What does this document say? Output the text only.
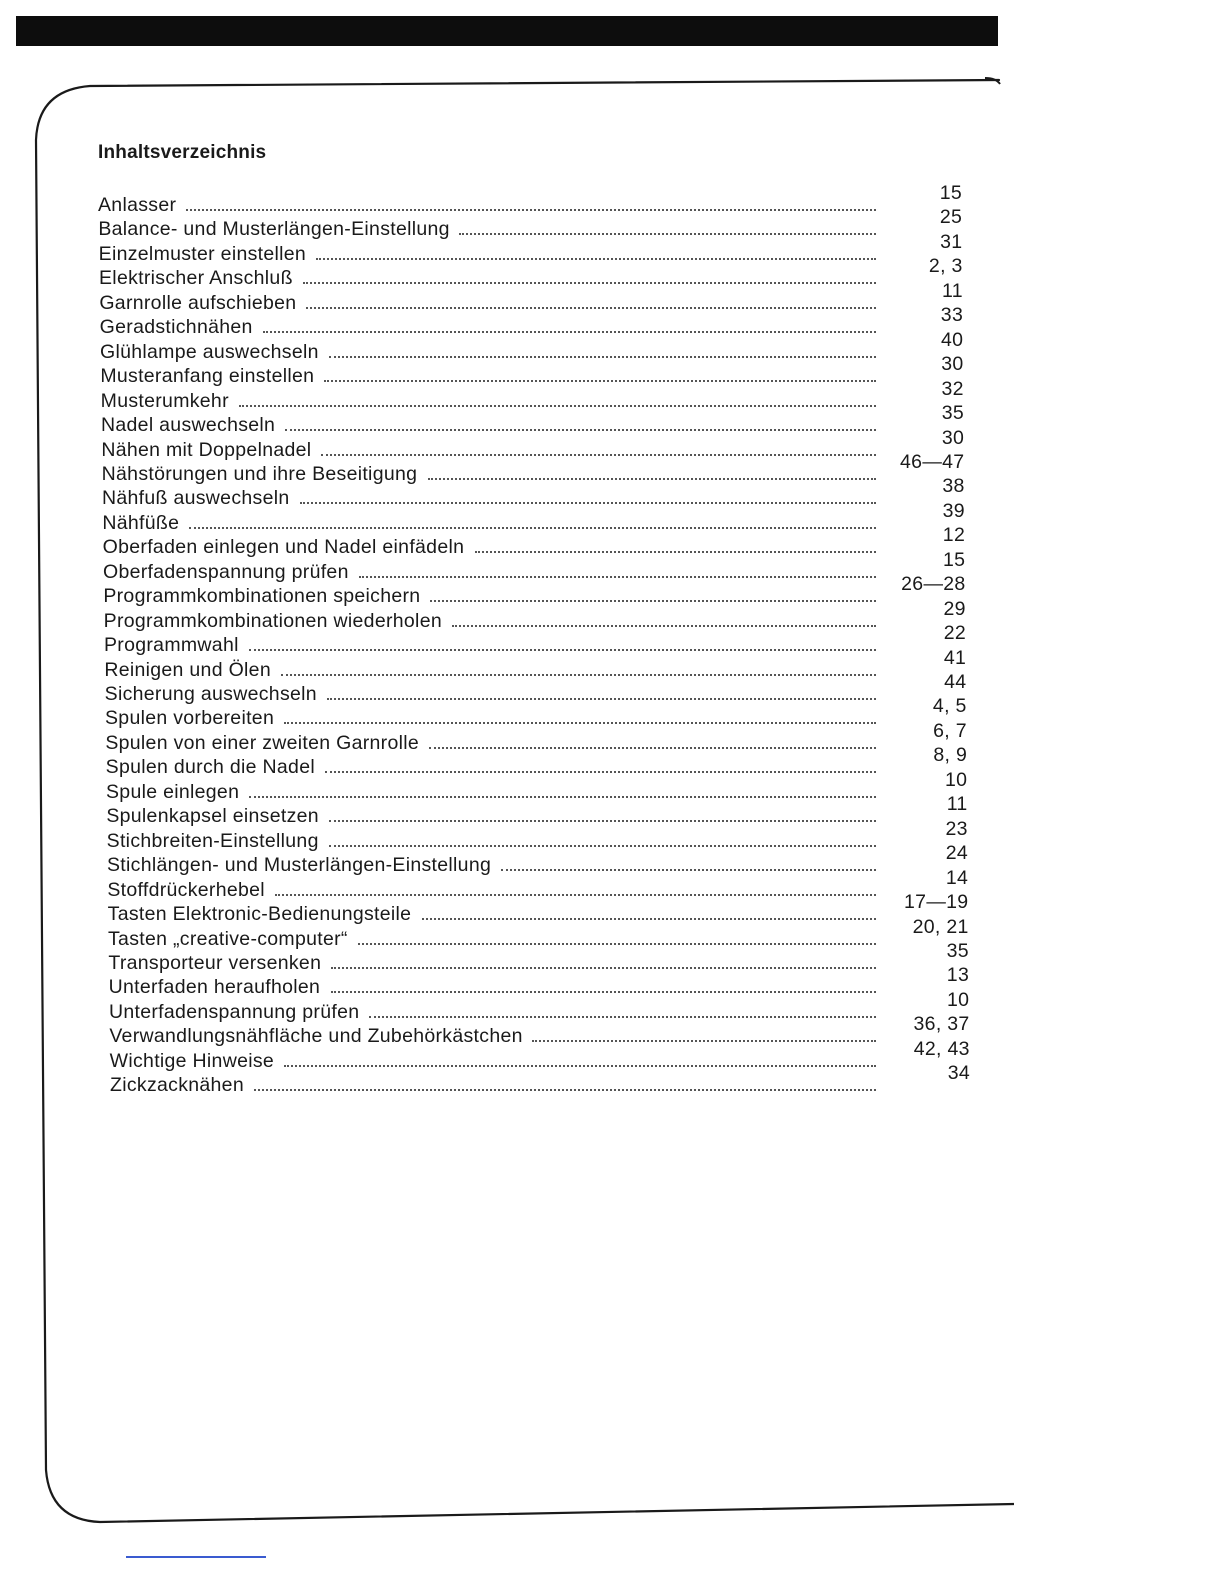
Inhaltsverzeichnis
Anlasser
15
Balance- und Musterlängen-Einstellung
25
Einzelmuster einstellen
31
Elektrischer Anschluß
2, 3
Garnrolle aufschieben
11
Geradstichnähen
33
Glühlampe auswechseln
40
Musteranfang einstellen
30
Musterumkehr
32
Nadel auswechseln
35
Nähen mit Doppelnadel
30
Nähstörungen und ihre Beseitigung
46—47
Nähfuß auswechseln
38
Nähfüße
39
Oberfaden einlegen und Nadel einfädeln
12
Oberfadenspannung prüfen
15
Programmkombinationen speichern
26—28
Programmkombinationen wiederholen
29
Programmwahl
22
Reinigen und Ölen
41
Sicherung auswechseln
44
Spulen vorbereiten
4, 5
Spulen von einer zweiten Garnrolle
6, 7
Spulen durch die Nadel
8, 9
Spule einlegen
10
Spulenkapsel einsetzen
11
Stichbreiten-Einstellung
23
Stichlängen- und Musterlängen-Einstellung
24
Stoffdrückerhebel
14
Tasten Elektronic-Bedienungsteile
17—19
Tasten „creative-computer“
20, 21
Transporteur versenken
35
Unterfaden heraufholen
13
Unterfadenspannung prüfen
10
Verwandlungsnähfläche und Zubehörkästchen
36, 37
Wichtige Hinweise
42, 43
Zickzacknähen
34
